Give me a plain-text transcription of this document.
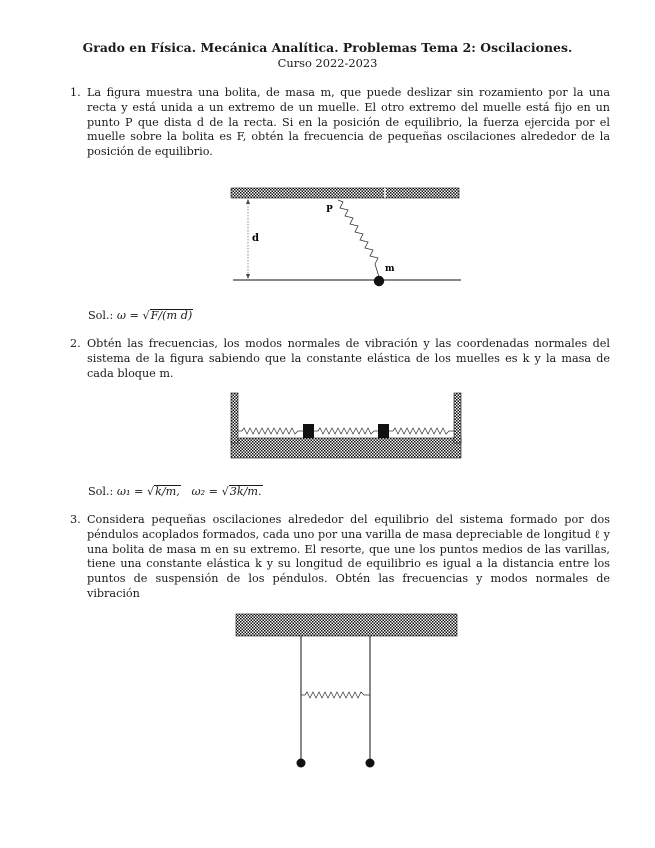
Grado en Física. Mecánica Analítica. Problemas Tema 2: Oscilaciones.
Curso 2022-2023
1. La figura muestra una bolita, de masa m, que puede deslizar sin rozamiento por la una recta y está unida a un extremo de un muelle. El otro extremo del muelle está fijo en un punto P que dista d de la recta. Si en la posición de equilibrio, la fuerza ejercida por el muelle sobre la bolita es F, obtén la frecuencia de pequeñas oscilaciones alrededor de la posición de equilibrio.
d
P
m
Sol.: ω = √F/(m d)
2. Obtén las frecuencias, los modos normales de vibración y las coordenadas normales del sistema de la figura sabiendo que la constante elástica de los muelles es k y la masa de cada bloque m.
Sol.: ω₁ = √k/m, ω₂ = √3k/m.
3. Considera pequeñas oscilaciones alrededor del equilibrio del sistema formado por dos péndulos acoplados formados, cada uno por una varilla de masa depreciable de longitud ℓ y una bolita de masa m en su extremo. El resorte, que une los puntos medios de las varillas, tiene una constante elástica k y su longitud de equilibrio es igual a la distancia entre los puntos de suspensión de los péndulos. Obtén las frecuencias y modos normales de vibración
